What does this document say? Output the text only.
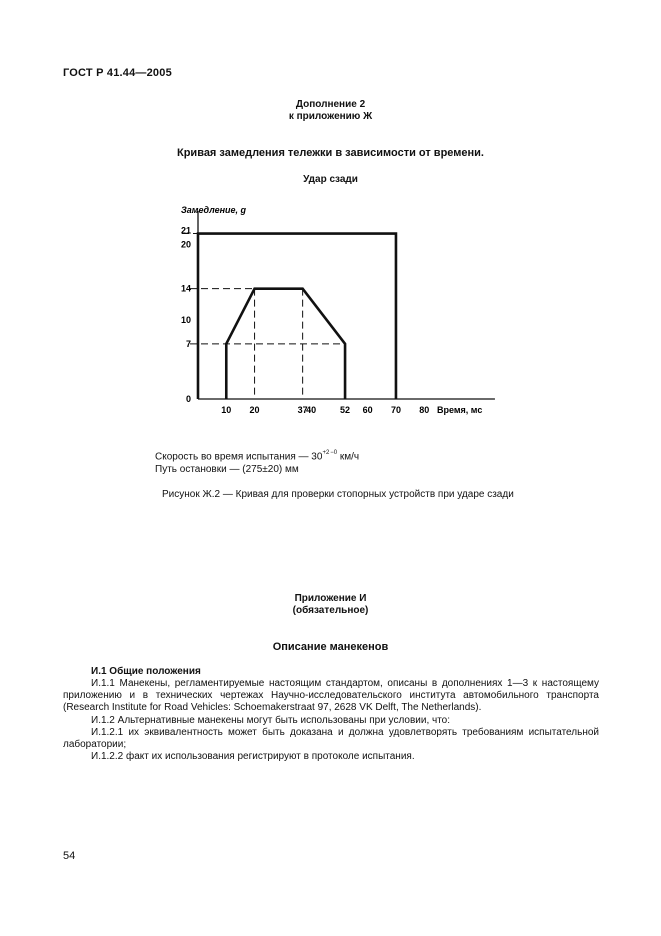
ГОСТ Р 41.44—2005
Дополнение 2
к приложению Ж
Кривая замедления тележки в зависимости от времени.
Удар сзади
Замедление, g
Время, мс
10 20	37
40	52 60 70 80
0
7
10
14
20
21
Скорость во время испытания — $30^{+2-0}$ км/ч
Путь остановки — (275±20) мм
Рисунок Ж.2 — Кривая для проверки стопорных устройств при ударе сзади
Приложение И
(обязательное)
Описание манекенов
И.1 Общие положения
И.1.1 Манекены, регламентируемые настоящим стандартом, описаны в дополнениях 1—3 к настоящему приложению и в технических чертежах Научно-исследовательского института автомобильного транспорта (Research Institute for Road Vehicles: Schoemakerstraat 97, 2628 VK Delft, The Netherlands).
И.1.2 Альтернативные манекены могут быть использованы при условии, что:
И.1.2.1 их эквивалентность может быть доказана и должна удовлетворять требованиям испытательной лаборатории;
И.1.2.2 факт их использования регистрируют в протоколе испытания.
54
